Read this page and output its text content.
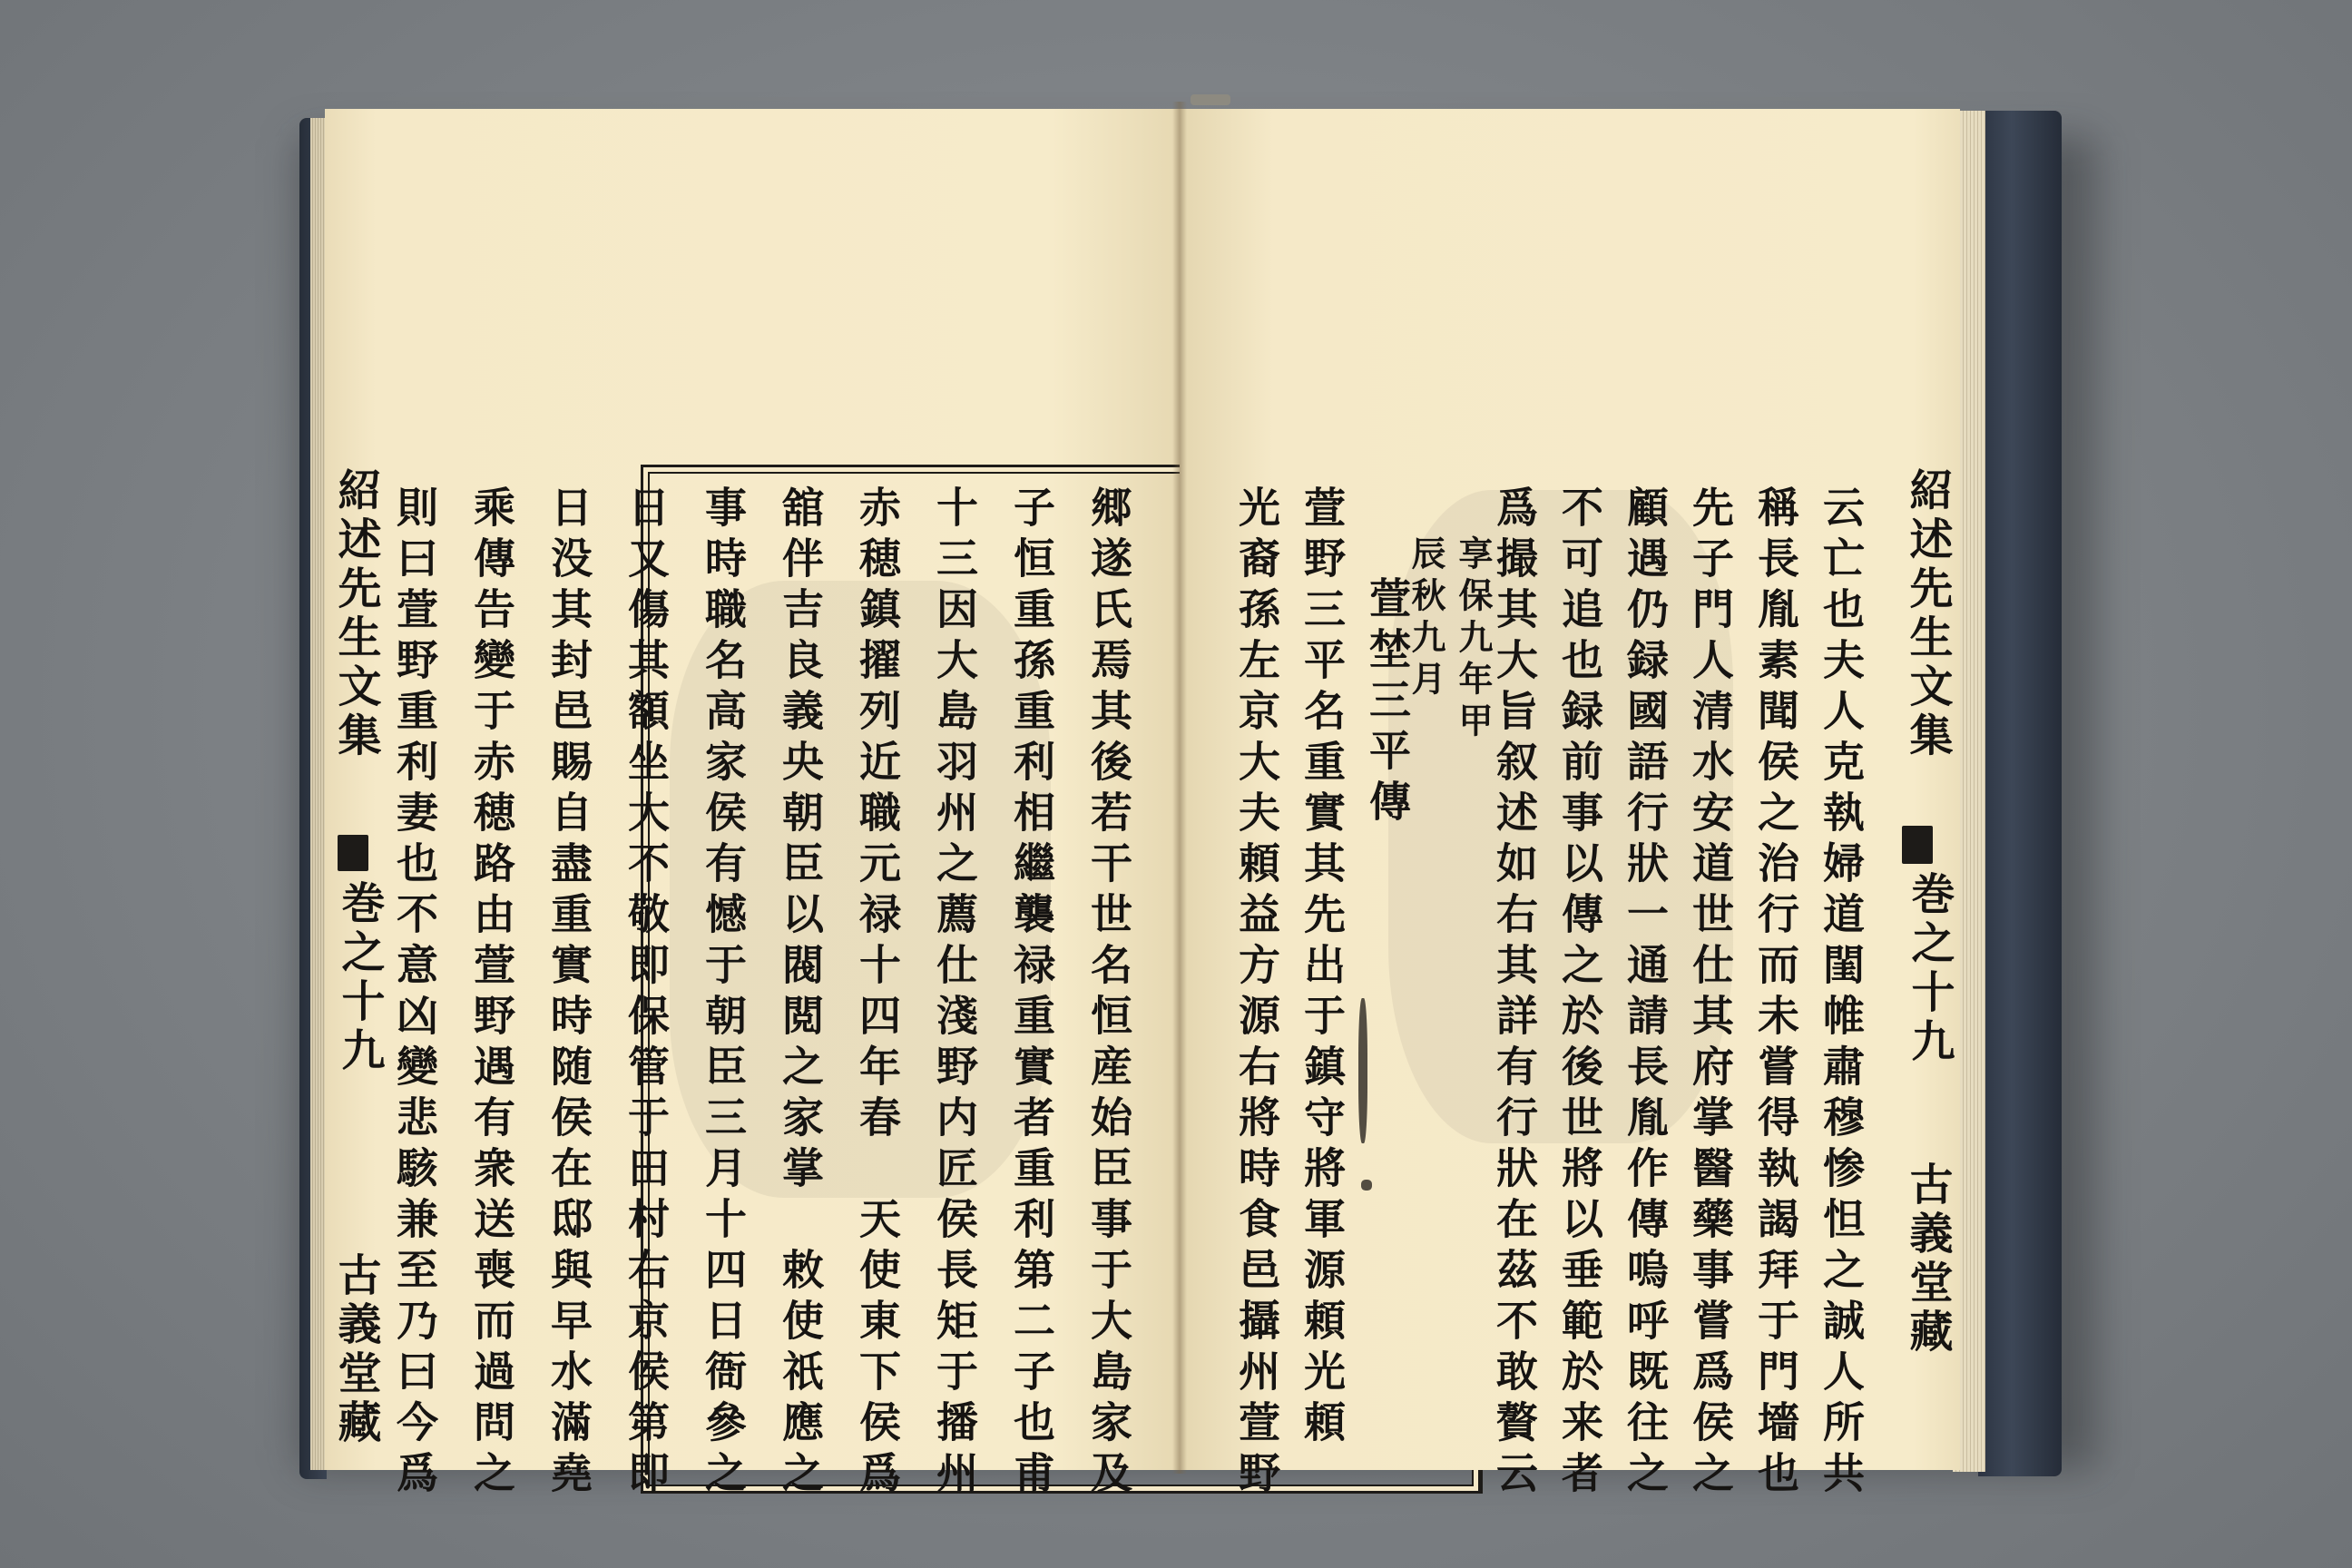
紹述先生文集
巻之十九
古義堂藏	郷遂氏焉其後若干世名恒産始臣事于大島家及
子恒重孫重利相繼襲禄重實者重利第二子也甫
十三因大島羽州之薦仕淺野内匠侯長矩于播州
赤穂鎮擢列近職元禄十四年春　天使東下侯爲
舘伴吉良義央朝臣以閥閲之家掌　敕使祇應之
事時職名高家侯有憾于朝臣三月十四日衙參之
日又傷其額坐大不敬即保管于田村右京侯第即
日没其封邑賜自盡重實時随侯在邸與早水滿堯
乘傳告變于赤穂路由萱野遇有衆送喪而過問之
則曰萱野重利妻也不意凶變悲駭兼至乃曰今爲	紹述先生文集
巻之十九
古義堂藏
云亡也夫人克執婦道閨帷肅穆惨怛之誠人所共
稱長胤素聞侯之治行而未嘗得執謁拜于門墻也
先子門人清水安道世仕其府掌醫藥事嘗爲侯之
顧遇仍録國語行狀一通請長胤作傳嗚呼既往之
不可追也録前事以傳之於後世將以垂範於来者
爲撮其大旨叙述如右其詳有行狀在茲不敢贅云
享保九年甲
辰秋九月
萱埜三平傳
萱野三平名重實其先出于鎮守將軍源頼光頼
光裔孫左京大夫頼益方源右將時食邑攝州萱野
